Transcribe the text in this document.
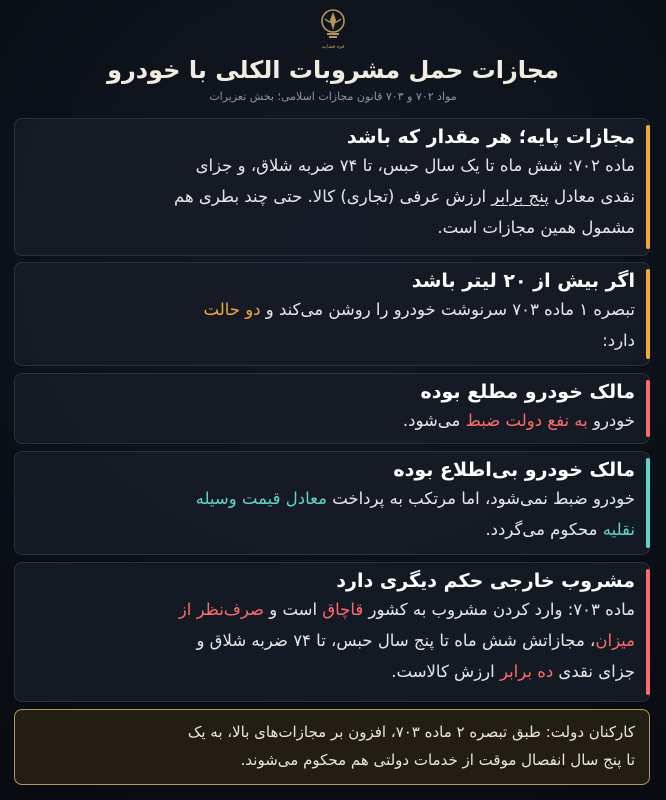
قوه قضاییه
مجازات حمل مشروبات الکلی با خودرو
مواد ۷۰۲ و ۷۰۳ قانون مجازات اسلامی؛ بخش تعزیرات
مجازات پایه؛ هر مقدار که باشد
ماده ۷۰۲: شش ماه تا یک سال حبس، تا ۷۴ ضربه شلاق، و جزای
نقدی معادل پنج برابر ارزش عرفی (تجاری) کالا. حتی چند بطری هم
مشمول همین مجازات است.
اگر بیش از ۲۰ لیتر باشد
تبصره ۱ ماده ۷۰۳ سرنوشت خودرو را روشن می‌کند و دو حالت
دارد:
مالک خودرو مطلع بوده
خودرو به نفع دولت ضبط می‌شود.
مالک خودرو بی‌اطلاع بوده
خودرو ضبط نمی‌شود، اما مرتکب به پرداخت معادل قیمت وسیله
نقلیه محکوم می‌گردد.
مشروب خارجی حکم دیگری دارد
ماده ۷۰۳: وارد کردن مشروب به کشور قاچاق است و صرف‌نظر از
میزان، مجازاتش شش ماه تا پنج سال حبس، تا ۷۴ ضربه شلاق و
جزای نقدی ده برابر ارزش کالاست.
کارکنان دولت: طبق تبصره ۲ ماده ۷۰۳، افزون بر مجازات‌های بالا، به یک
تا پنج سال انفصال موقت از خدمات دولتی هم محکوم می‌شوند.
